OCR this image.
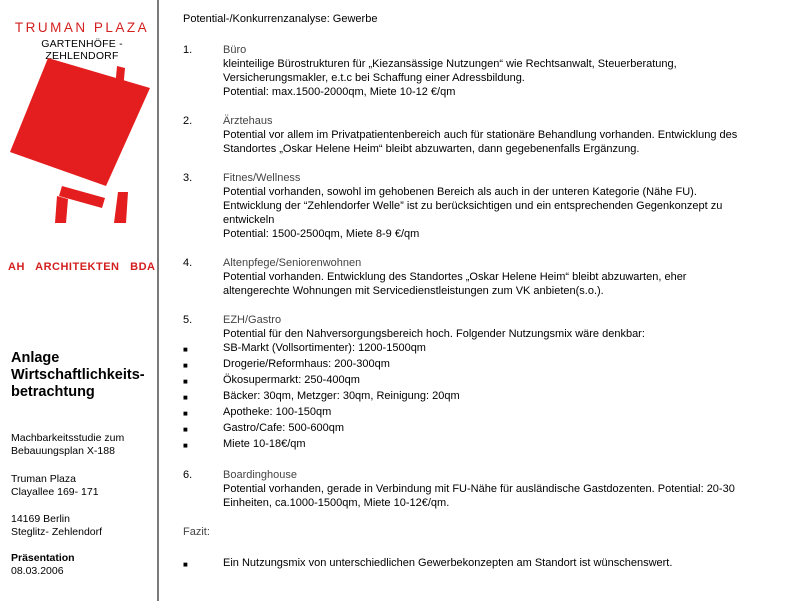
TRUMAN PLAZA
GARTENHÖFE -ZEHLENDORF
AH   ARCHITEKTEN   BDA
Anlage
Wirtschaftlichkeits-
betrachtung
Machbarkeitsstudie zum
Bebauungsplan X-188
Truman Plaza
Clayallee 169- 171
14169 Berlin
Steglitz- Zehlendorf
Präsentation
08.03.2006
Potential-/Konkurrenzanalyse: Gewerbe
1.	Büro
kleinteilige Bürostrukturen für „Kiezansässige Nutzungen“ wie Rechtsanwalt, Steuerberatung,
Versicherungsmakler, e.t.c bei Schaffung einer Adressbildung.
Potential: max.1500-2000qm, Miete 10-12 €/qm
2.	Ärztehaus
Potential vor allem im Privatpatientenbereich auch für stationäre Behandlung vorhanden. Entwicklung des
Standortes „Oskar Helene Heim“ bleibt abzuwarten, dann gegebenenfalls Ergänzung.
3.	Fitnes/Wellness
Potential vorhanden, sowohl im gehobenen Bereich als auch in der unteren Kategorie (Nähe FU).
Entwicklung der “Zehlendorfer Welle” ist zu berücksichtigen und ein entsprechenden Gegenkonzept zu
entwickeln
Potential: 1500-2500qm, Miete 8-9 €/qm
4.	Altenpfege/Seniorenwohnen
Potential vorhanden. Entwicklung des Standortes „Oskar Helene Heim“ bleibt abzuwarten, eher
altengerechte Wohnungen mit Servicedienstleistungen zum VK anbieten(s.o.).
5.	EZH/Gastro
Potential für den Nahversorgungsbereich hoch. Folgender Nutzungsmix wäre denkbar:
■	SB-Markt (Vollsortimenter): 1200-1500qm
■	Drogerie/Reformhaus: 200-300qm
■	Ökosupermarkt: 250-400qm
■	Bäcker: 30qm, Metzger: 30qm, Reinigung: 20qm
■	Apotheke: 100-150qm
■	Gastro/Cafe: 500-600qm
■	Miete 10-18€/qm
6.	Boardinghouse
Potential vorhanden, gerade in Verbindung mit FU-Nähe für ausländische Gastdozenten. Potential: 20-30
Einheiten, ca.1000-1500qm, Miete 10-12€/qm.
Fazit:
■	Ein Nutzungsmix von unterschiedlichen Gewerbekonzepten am Standort ist wünschenswert.
